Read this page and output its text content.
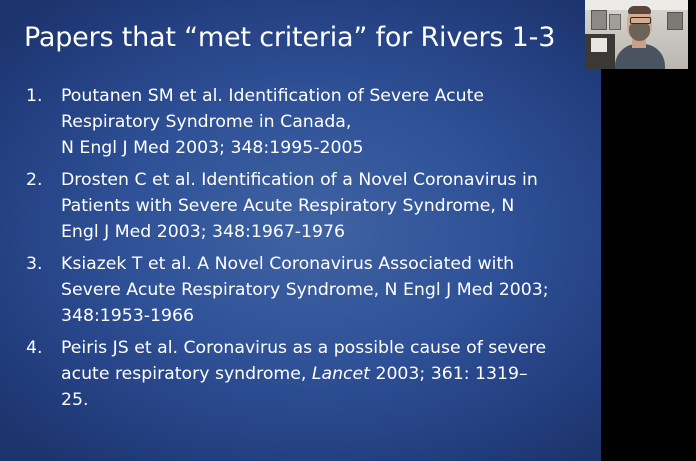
Papers that “met criteria” for Rivers 1-3
1.	Poutanen SM et al. Identification of Severe Acute
Respiratory Syndrome in Canada,
N Engl J Med 2003; 348:1995-2005
2.	Drosten C et al. Identification of a Novel Coronavirus in
Patients with Severe Acute Respiratory Syndrome, N
Engl J Med 2003; 348:1967-1976
3.	Ksiazek T et al. A Novel Coronavirus Associated with
Severe Acute Respiratory Syndrome, N Engl J Med 2003;
348:1953-1966
4.	Peiris JS et al. Coronavirus as a possible cause of severe
acute respiratory syndrome, Lancet 2003; 361: 1319–
25.
